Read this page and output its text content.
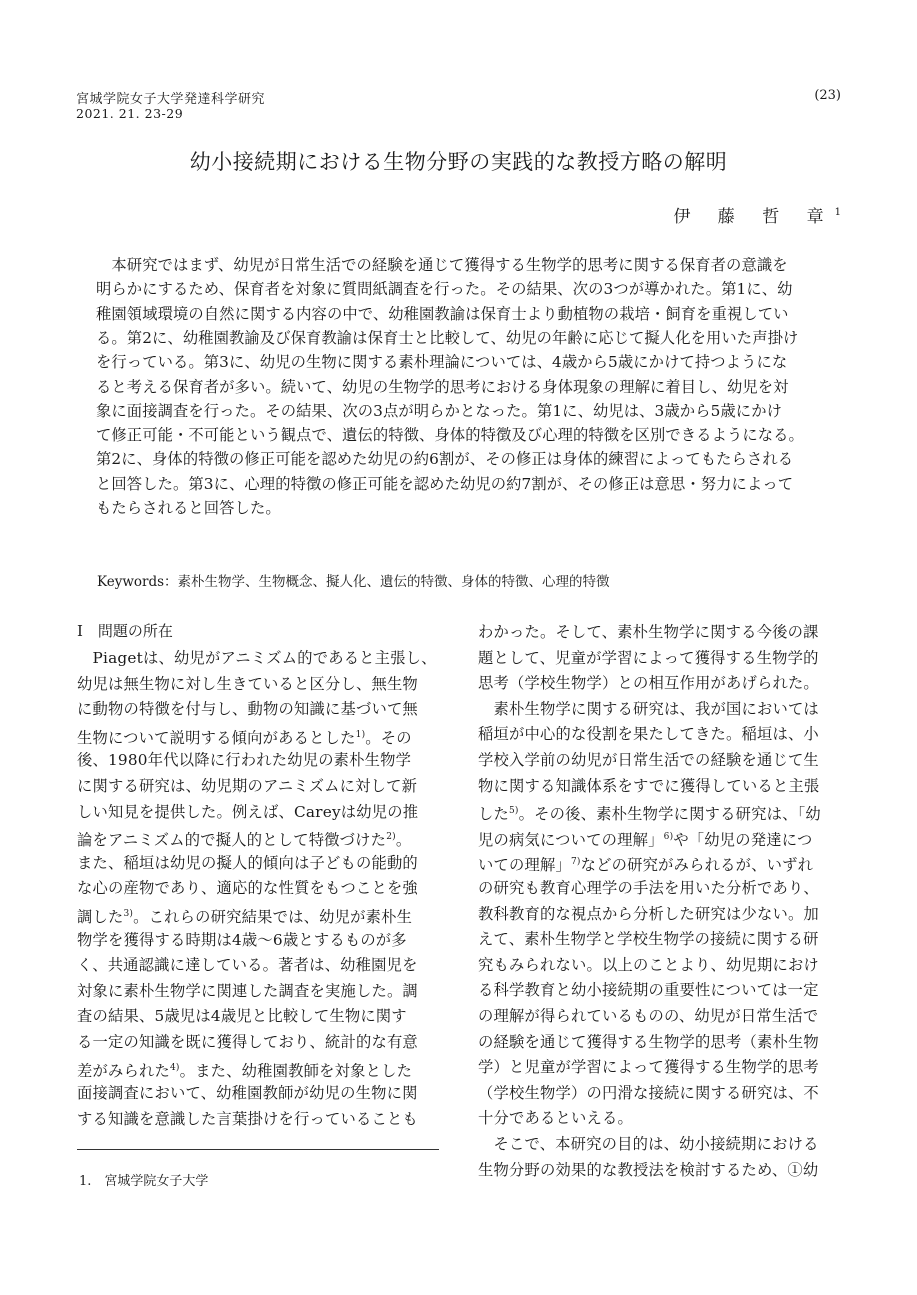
宮城学院女子大学発達科学研究
2021. 21. 23-29
(23)
幼小接続期における生物分野の実践的な教授方略の解明
伊 藤 哲 章$^1$
　本研究ではまず、幼児が日常生活での経験を通じて獲得する生物学的思考に関する保育者の意識を
明らかにするため、保育者を対象に質問紙調査を行った。その結果、次の3つが導かれた。第1に、幼
稚園領域環境の自然に関する内容の中で、幼稚園教諭は保育士より動植物の栽培・飼育を重視してい
る。第2に、幼稚園教諭及び保育教諭は保育士と比較して、幼児の年齢に応じて擬人化を用いた声掛け
を行っている。第3に、幼児の生物に関する素朴理論については、4歳から5歳にかけて持つようにな
ると考える保育者が多い。続いて、幼児の生物学的思考における身体現象の理解に着目し、幼児を対
象に面接調査を行った。その結果、次の3点が明らかとなった。第1に、幼児は、3歳から5歳にかけ
て修正可能・不可能という観点で、遺伝的特徴、身体的特徴及び心理的特徴を区別できるようになる。
第2に、身体的特徴の修正可能を認めた幼児の約6割が、その修正は身体的練習によってもたらされる
と回答した。第3に、心理的特徴の修正可能を認めた幼児の約7割が、その修正は意思・努力によって
もたらされると回答した。
Keywords：素朴生物学、生物概念、擬人化、遺伝的特徴、身体的特徴、心理的特徴
Ⅰ　問題の所在
　Piagetは、幼児がアニミズム的であると主張し、
幼児は無生物に対し生きていると区分し、無生物
に動物の特徴を付与し、動物の知識に基づいて無
生物について説明する傾向があるとした$^{1)}$。その
後、1980年代以降に行われた幼児の素朴生物学
に関する研究は、幼児期のアニミズムに対して新
しい知見を提供した。例えば、Careyは幼児の推
論をアニミズム的で擬人的として特徴づけた$^{2)}$。
また、稲垣は幼児の擬人的傾向は子どもの能動的
な心の産物であり、適応的な性質をもつことを強
調した$^{3)}$。これらの研究結果では、幼児が素朴生
物学を獲得する時期は4歳～6歳とするものが多
く、共通認識に達している。著者は、幼稚園児を
対象に素朴生物学に関連した調査を実施した。調
査の結果、5歳児は4歳児と比較して生物に関す
る一定の知識を既に獲得しており、統計的な有意
差がみられた$^{4)}$。また、幼稚園教師を対象とした
面接調査において、幼稚園教師が幼児の生物に関
する知識を意識した言葉掛けを行っていることも
わかった。そして、素朴生物学に関する今後の課
題として、児童が学習によって獲得する生物学的
思考（学校生物学）との相互作用があげられた。
　素朴生物学に関する研究は、我が国においては
稲垣が中心的な役割を果たしてきた。稲垣は、小
学校入学前の幼児が日常生活での経験を通じて生
物に関する知識体系をすでに獲得していると主張
した$^{5)}$。その後、素朴生物学に関する研究は、「幼
児の病気についての理解」$^{6)}$や「幼児の発達につ
いての理解」$^{7)}$などの研究がみられるが、いずれ
の研究も教育心理学の手法を用いた分析であり、
教科教育的な視点から分析した研究は少ない。加
えて、素朴生物学と学校生物学の接続に関する研
究もみられない。以上のことより、幼児期におけ
る科学教育と幼小接続期の重要性については一定
の理解が得られているものの、幼児が日常生活で
の経験を通じて獲得する生物学的思考（素朴生物
学）と児童が学習によって獲得する生物学的思考
（学校生物学）の円滑な接続に関する研究は、不
十分であるといえる。
　そこで、本研究の目的は、幼小接続期における
生物分野の効果的な教授法を検討するため、①幼
1.　宮城学院女子大学
